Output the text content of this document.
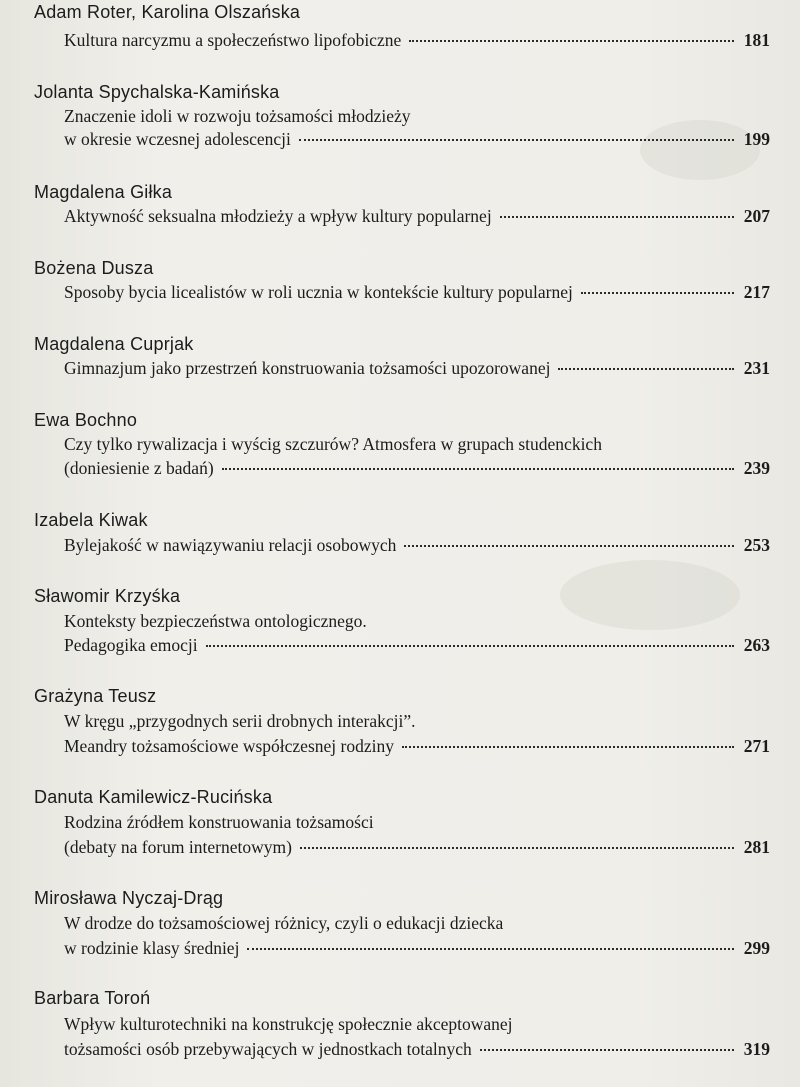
Adam Roter, Karolina Olszańska
Kultura narcyzmu a społeczeństwo lipofobiczne	181
Jolanta Spychalska-Kamińska
Znaczenie idoli w rozwoju tożsamości młodzieży
w okresie wczesnej adolescencji	199
Magdalena Giłka
Aktywność seksualna młodzieży a wpływ kultury popularnej	207
Bożena Dusza
Sposoby bycia licealistów w roli ucznia w kontekście kultury popularnej	217
Magdalena Cuprjak
Gimnazjum jako przestrzeń konstruowania tożsamości upozorowanej	231
Ewa Bochno
Czy tylko rywalizacja i wyścig szczurów? Atmosfera w grupach studenckich
(doniesienie z badań)	239
Izabela Kiwak
Bylejakość w nawiązywaniu relacji osobowych	253
Sławomir Krzyśka
Konteksty bezpieczeństwa ontologicznego.
Pedagogika emocji	263
Grażyna Teusz
W kręgu „przygodnych serii drobnych interakcji”.
Meandry tożsamościowe współczesnej rodziny	271
Danuta Kamilewicz-Rucińska
Rodzina źródłem konstruowania tożsamości
(debaty na forum internetowym)	281
Mirosława Nyczaj-Drąg
W drodze do tożsamościowej różnicy, czyli o edukacji dziecka
w rodzinie klasy średniej	299
Barbara Toroń
Wpływ kulturotechniki na konstrukcję społecznie akceptowanej
tożsamości osób przebywających w jednostkach totalnych	319
